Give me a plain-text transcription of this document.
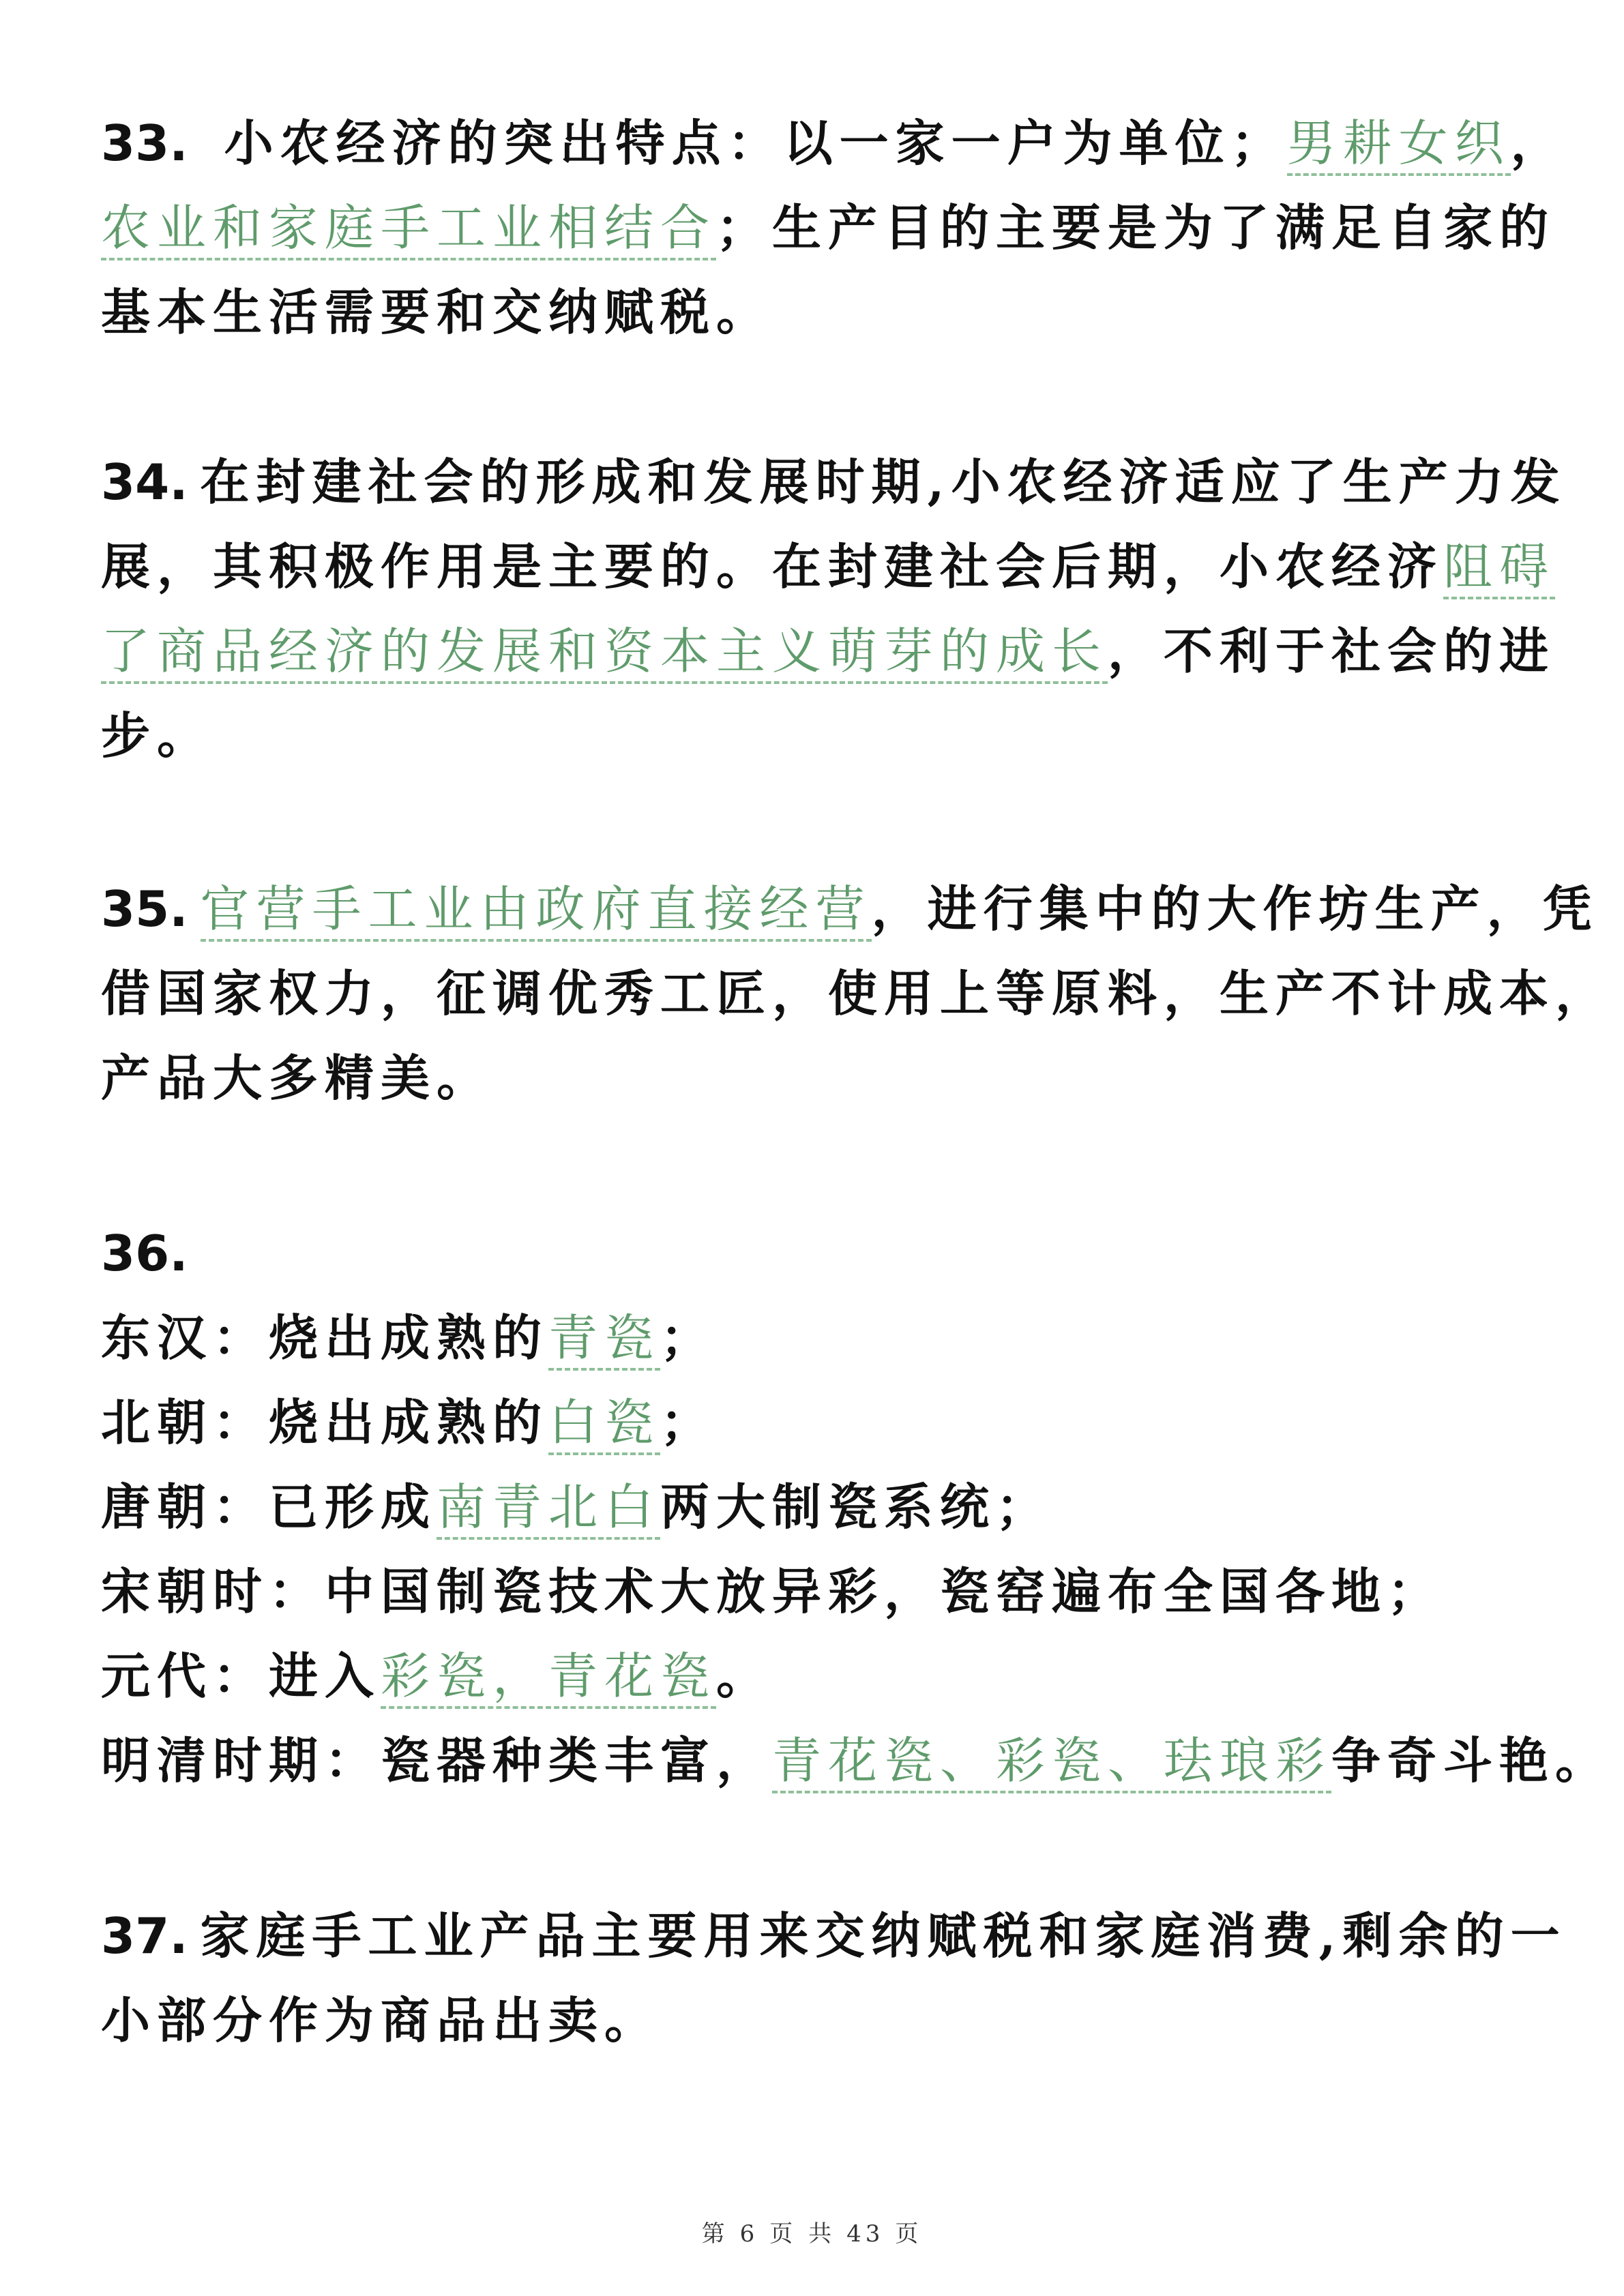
33. 小农经济的突出特点：以一家一户为单位；男耕女织，
农业和家庭手工业相结合；生产目的主要是为了满足自家的
基本生活需要和交纳赋税。
34. 在封建社会的形成和发展时期,小农经济适应了生产力发
展，其积极作用是主要的。在封建社会后期，小农经济阻碍
了商品经济的发展和资本主义萌芽的成长，不利于社会的进
步。
35. 官营手工业由政府直接经营，进行集中的大作坊生产，凭
借国家权力，征调优秀工匠，使用上等原料，生产不计成本，
产品大多精美。
36.
东汉：烧出成熟的青瓷；
北朝：烧出成熟的白瓷；
唐朝：已形成南青北白两大制瓷系统；
宋朝时：中国制瓷技术大放异彩，瓷窑遍布全国各地；
元代：进入彩瓷，青花瓷。
明清时期：瓷器种类丰富，青花瓷、彩瓷、珐琅彩争奇斗艳。
37. 家庭手工业产品主要用来交纳赋税和家庭消费,剩余的一
小部分作为商品出卖。
第 6 页 共 43 页
